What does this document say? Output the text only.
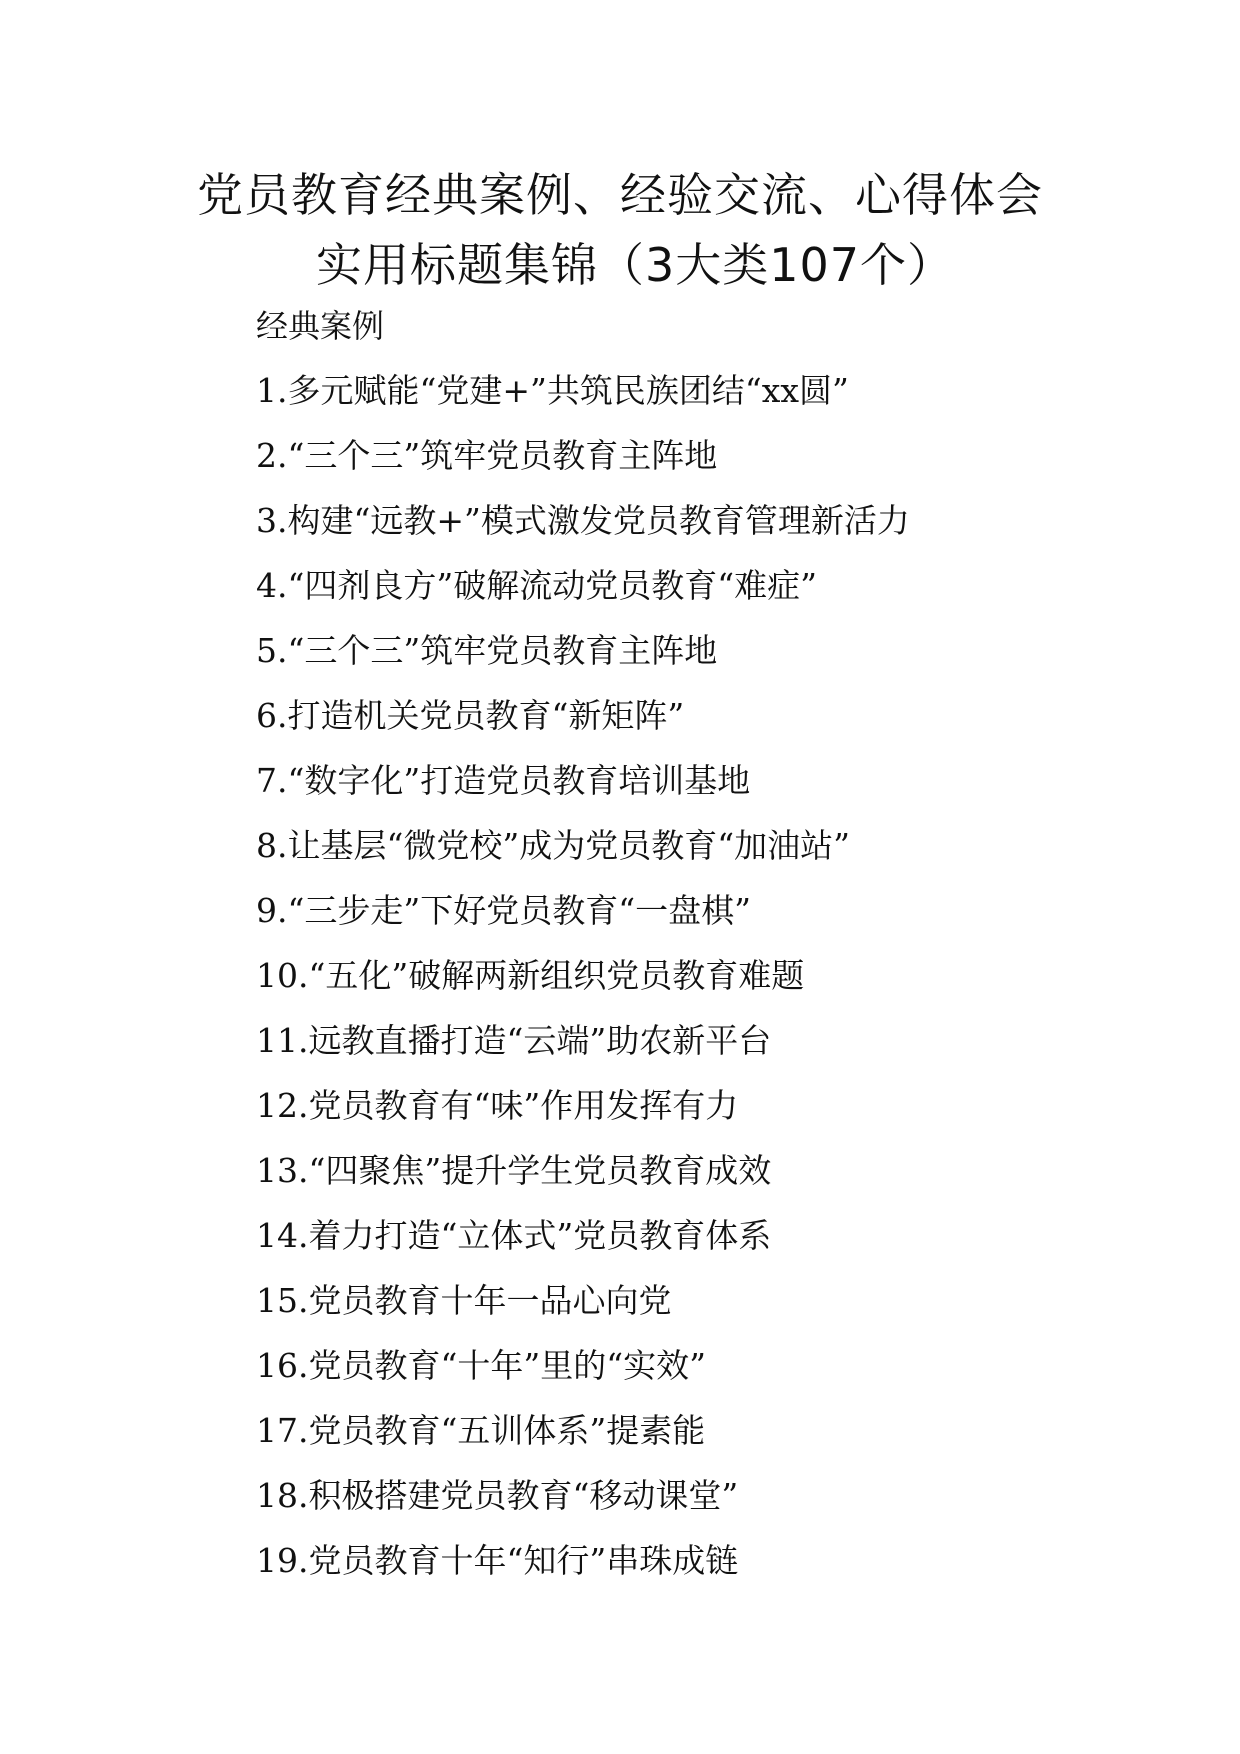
党员教育经典案例、经验交流、心得体会
实用标题集锦（3大类107个）
经典案例
1.多元赋能“党建+”共筑民族团结“xx圆”
2.“三个三”筑牢党员教育主阵地
3.构建“远教+”模式激发党员教育管理新活力
4.“四剂良方”破解流动党员教育“难症”
5.“三个三”筑牢党员教育主阵地
6.打造机关党员教育“新矩阵”
7.“数字化”打造党员教育培训基地
8.让基层“微党校”成为党员教育“加油站”
9.“三步走”下好党员教育“一盘棋”
10.“五化”破解两新组织党员教育难题
11.远教直播打造“云端”助农新平台
12.党员教育有“味”作用发挥有力
13.“四聚焦”提升学生党员教育成效
14.着力打造“立体式”党员教育体系
15.党员教育十年一品心向党
16.党员教育“十年”里的“实效”
17.党员教育“五训体系”提素能
18.积极搭建党员教育“移动课堂”
19.党员教育十年“知行”串珠成链
